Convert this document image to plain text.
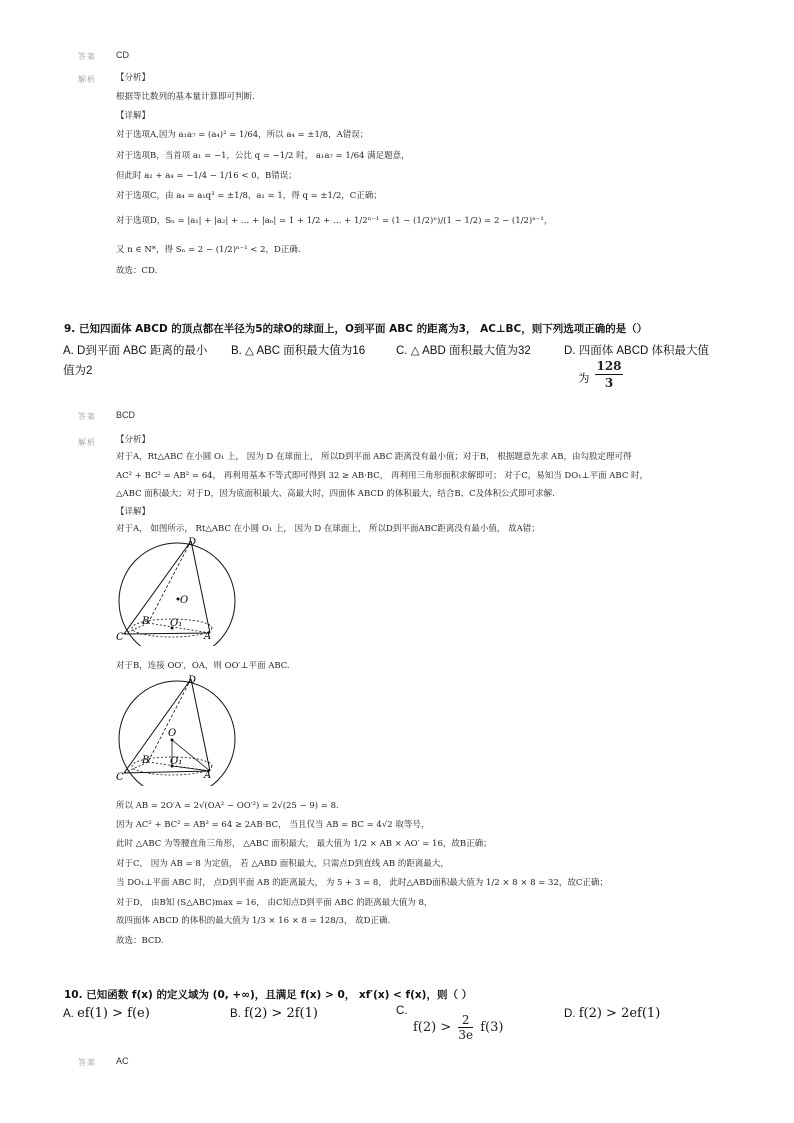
答案 CD
解析 【分析】
根据等比数列的基本量计算即可判断.
【详解】
对于选项A,因为 a₁a₇ = (a₄)² = 1/64，所以 a₄ = ±1/8，A错误；
对于选项B，当首项 a₁ = −1，公比 q = −1/2 时， a₁a₇ = 1/64 满足题意，
但此时 a₂ + a₄ = −1/4 − 1/16 < 0，B错误；
对于选项C，由 a₄ = a₁q³ = ±1/8，a₁ = 1，得 q = ±1/2，C正确；
对于选项D，Sₙ = |a₁| + |a₂| + … + |aₙ| = 1 + 1/2 + … + 1/2ⁿ⁻¹ = (1 − (1/2)ⁿ)/(1 − 1/2) = 2 − (1/2)ⁿ⁻¹，
又 n ∈ N*，得 Sₙ = 2 − (1/2)ⁿ⁻¹ < 2，D正确.
故选：CD.
9. 已知四面体 ABCD 的顶点都在半径为5的球O的球面上，O到平面 ABC 的距离为3， AC⊥BC，则下列选项正确的是（）
A. D到平面 ABC 距离的最小
值为2
B. △ ABC 面积最大值为16	C. △ ABD 面积最大值为32	D. 四面体 ABCD 体积最大值
为
128
3
答案 BCD
解析 【分析】
对于A，Rt△ABC 在小圆 O₁ 上， 因为 D 在球面上， 所以D到平面 ABC 距离没有最小值；对于B， 根据题意先求 AB，由勾股定理可得
AC² + BC² = AB² = 64， 再利用基本不等式即可得到 32 ≥ AB·BC， 再利用三角形面积求解即可； 对于C，易知当 DO₁⊥平面 ABC 时，
△ABC 面积最大；对于D，因为底面积最大、高最大时，四面体 ABCD 的体积最大，结合B、C及体积公式即可求解.
【详解】
对于A， 如图所示， Rt△ABC 在小圆 O₁ 上， 因为 D 在球面上， 所以D到平面ABC距离没有最小值， 故A错；
D
O
B O₁
C	A
对于B，连接 OO′，OA，则 OO′⊥平面 ABC.
D
O
B O₁
C	A
所以 AB = 2O′A = 2√(OA² − OO′²) = 2√(25 − 9) = 8.
因为 AC² + BC² = AB² = 64 ≥ 2AB·BC， 当且仅当 AB = BC = 4√2 取等号，
此时 △ABC 为等腰直角三角形， △ABC 面积最大， 最大值为 1/2 × AB × AO′ = 16，故B正确；
对于C， 因为 AB = 8 为定值， 若 △ABD 面积最大，只需点D到直线 AB 的距离最大，
当 DO₁⊥平面 ABC 时， 点D到平面 AB 的距离最大， 为 5 + 3 = 8， 此时△ABD面积最大值为 1/2 × 8 × 8 = 32，故C正确；
对于D， 由B知 (S△ABC)max = 16， 由C知点D到平面 ABC 的距离最大值为 8，
故四面体 ABCD 的体积的最大值为 1/3 × 16 × 8 = 128/3， 故D正确.
故选：BCD.
10. 已知函数 f(x) 的定义域为 (0, +∞)，且满足 f(x) > 0， xf′(x) < f(x)，则（ ）
A. ef(1) > f(e)	B. f(2) > 2f(1)	C.
$f(2) > \frac{2}{3e} f(3)$
D. f(2) > 2ef(1)
答案 AC
